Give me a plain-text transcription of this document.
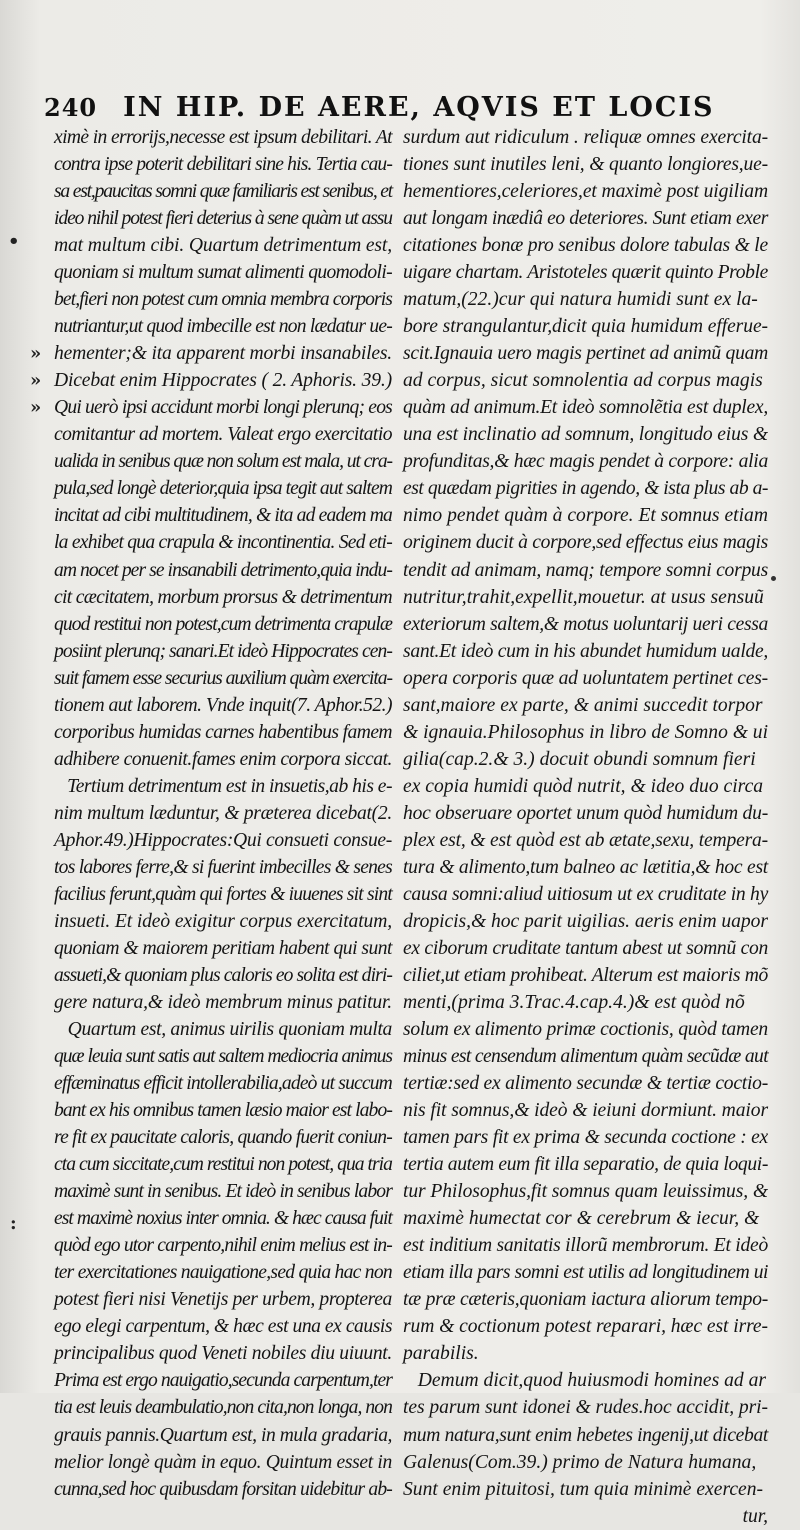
240 IN HIP. DE AERE, AQVIS ET LOCIS
•
»
»
»
:
ximè in errorijs,necesse est ipsum debilitari. At
contra ipse poterit debilitari sine his. Tertia cau-
sa est,paucitas somni quæ familiaris est senibus, et
ideo nihil potest fieri deterius à sene quàm ut assu
mat multum cibi. Quartum detrimentum est,
quoniam si multum sumat alimenti quomodoli-
bet,fieri non potest cum omnia membra corporis
nutriantur,ut quod imbecille est non lædatur ue-
hementer;& ita apparent morbi insanabiles.
Dicebat enim Hippocrates ( 2. Aphoris. 39.)
Qui uerò ipsi accidunt morbi longi plerunq; eos
comitantur ad mortem. Valeat ergo exercitatio
ualida in senibus quæ non solum est mala, ut cra-
pula,sed longè deterior,quia ipsa tegit aut saltem
incitat ad cibi multitudinem, & ita ad eadem ma
la exhibet qua crapula & incontinentia. Sed eti-
am nocet per se insanabili detrimento,quia indu-
cit cæcitatem, morbum prorsus & detrimentum
quod restitui non potest,cum detrimenta crapulæ
posiint plerunq; sanari.Et ideò Hippocrates cen-
suit famem esse securius auxilium quàm exercita-
tionem aut laborem. Vnde inquit(7. Aphor.52.)
corporibus humidas carnes habentibus famem
adhibere conuenit.fames enim corpora siccat.
Tertium detrimentum est in insuetis,ab his e-
nim multum læduntur, & præterea dicebat(2.
Aphor.49.)Hippocrates:Qui consueti consue-
tos labores ferre,& si fuerint imbecilles & senes
facilius ferunt,quàm qui fortes & iuuenes sit sint
insueti. Et ideò exigitur corpus exercitatum,
quoniam & maiorem peritiam habent qui sunt
assueti,& quoniam plus caloris eo solita est diri-
gere natura,& ideò membrum minus patitur.
Quartum est, animus uirilis quoniam multa
quæ leuia sunt satis aut saltem mediocria animus
effæminatus efficit intollerabilia,adeò ut succum
bant ex his omnibus tamen læsio maior est labo-
re fit ex paucitate caloris, quando fuerit coniun-
cta cum siccitate,cum restitui non potest, qua tria
maximè sunt in senibus. Et ideò in senibus labor
est maximè noxius inter omnia. & hæc causa fuit
quòd ego utor carpento,nihil enim melius est in-
ter exercitationes nauigatione,sed quia hac non
potest fieri nisi Venetijs per urbem, propterea
ego elegi carpentum, & hæc est una ex causis
principalibus quod Veneti nobiles diu uiuunt.
Prima est ergo nauigatio,secunda carpentum,ter
tia est leuis deambulatio,non cita,non longa, non
grauis pannis.Quartum est, in mula gradaria,
melior longè quàm in equo. Quintum esset in
cunna,sed hoc quibusdam forsitan uidebitur ab-
surdum aut ridiculum . reliquæ omnes exercita-
tiones sunt inutiles leni, & quanto longiores,ue-
hementiores,celeriores,et maximè post uigiliam
aut longam inædiâ eo deteriores. Sunt etiam exer
citationes bonæ pro senibus dolore tabulas & le
uigare chartam. Aristoteles quærit quinto Proble
matum,(22.)cur qui natura humidi sunt ex la-
bore strangulantur,dicit quia humidum efferue-
scit.Ignauia uero magis pertinet ad animũ quam
ad corpus, sicut somnolentia ad corpus magis
quàm ad animum.Et ideò somnolẽtia est duplex,
una est inclinatio ad somnum, longitudo eius &
profunditas,& hæc magis pendet à corpore: alia
est quædam pigrities in agendo, & ista plus ab a-
nimo pendet quàm à corpore. Et somnus etiam
originem ducit à corpore,sed effectus eius magis
tendit ad animam, namq; tempore somni corpus
nutritur,trahit,expellit,mouetur. at usus sensuũ
exteriorum saltem,& motus uoluntarij ueri cessa
sant.Et ideò cum in his abundet humidum ualde,
opera corporis quæ ad uoluntatem pertinet ces-
sant,maiore ex parte, & animi succedit torpor
& ignauia.Philosophus in libro de Somno & ui
gilia(cap.2.& 3.) docuit obundi somnum fieri
ex copia humidi quòd nutrit, & ideo duo circa
hoc obseruare oportet unum quòd humidum du-
plex est, & est quòd est ab ætate,sexu, tempera-
tura & alimento,tum balneo ac lætitia,& hoc est
causa somni:aliud uitiosum ut ex cruditate in hy
dropicis,& hoc parit uigilias. aeris enim uapor
ex ciborum cruditate tantum abest ut somnũ con
ciliet,ut etiam prohibeat. Alterum est maioris mõ
menti,(prima 3.Trac.4.cap.4.)& est quòd nõ
solum ex alimento primæ coctionis, quòd tamen
minus est censendum alimentum quàm secũdæ aut
tertiæ:sed ex alimento secundæ & tertiæ coctio-
nis fit somnus,& ideò & ieiuni dormiunt. maior
tamen pars fit ex prima & secunda coctione : ex
tertia autem eum fit illa separatio, de quia loqui-
tur Philosophus,fit somnus quam leuissimus, &
maximè humectat cor & cerebrum & iecur, &
est inditium sanitatis illorũ membrorum. Et ideò
etiam illa pars somni est utilis ad longitudinem ui
tæ præ cæteris,quoniam iactura aliorum tempo-
rum & coctionum potest reparari, hæc est irre-
parabilis.
Demum dicit,quod huiusmodi homines ad ar
tes parum sunt idonei & rudes.hoc accidit, pri-
mum natura,sunt enim hebetes ingenij,ut dicebat
Galenus(Com.39.) primo de Natura humana,
Sunt enim pituitosi, tum quia minimè exercen-
tur,
